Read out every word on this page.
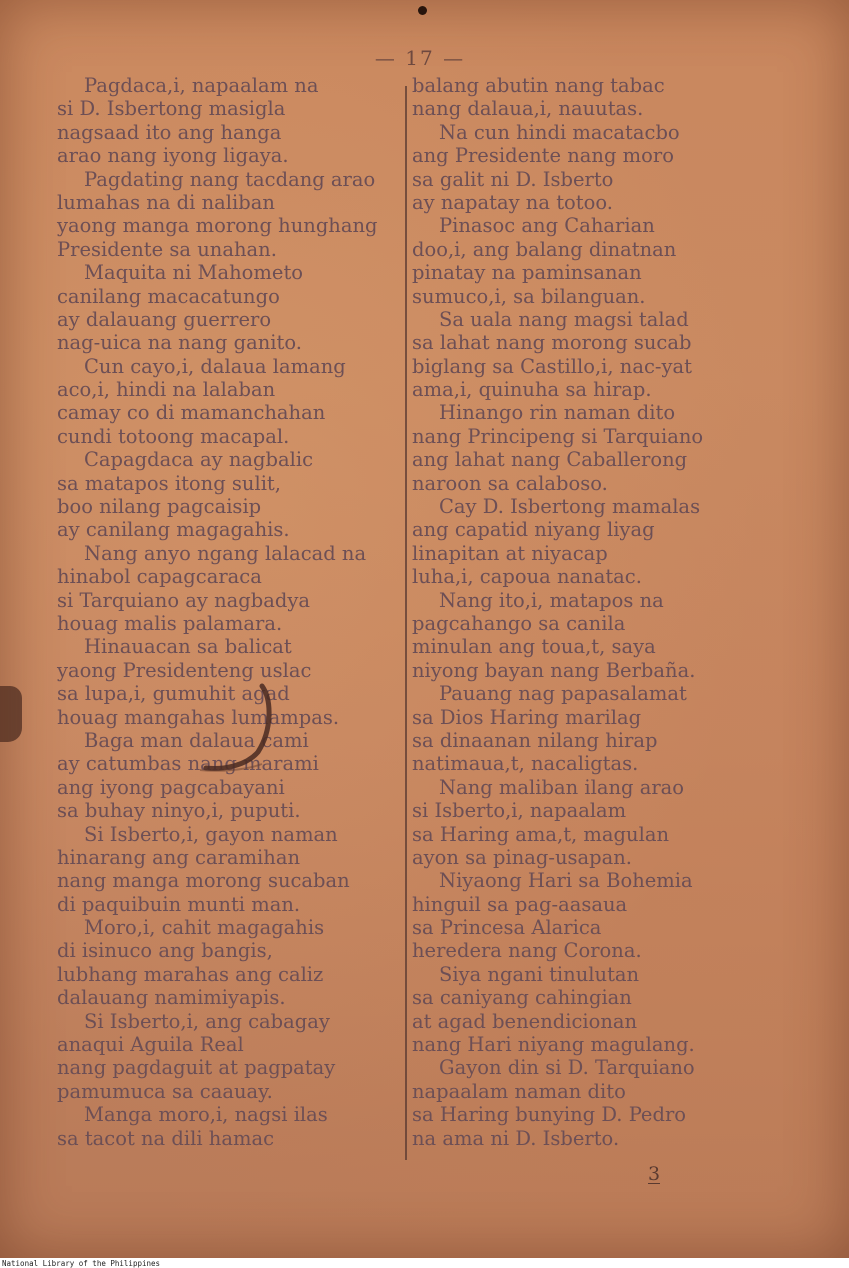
— 17 —
Pagdaca,i, napaalam na
si D. Isbertong masigla
nagsaad ito ang hanga
arao nang iyong ligaya.
Pagdating nang tacdang arao
lumahas na di naliban
yaong manga morong hunghang
Presidente sa unahan.
Maquita ni Mahometo
canilang macacatungo
ay dalauang guerrero
nag-uica na nang ganito.
Cun cayo,i, dalaua lamang
aco,i, hindi na lalaban
camay co di mamanchahan
cundi totoong macapal.
Capagdaca ay nagbalic
sa matapos itong sulit,
boo nilang pagcaisip
ay canilang magagahis.
Nang anyo ngang lalacad na
hinabol capagcaraca
si Tarquiano ay nagbadya
houag malis palamara.
Hinauacan sa balicat
yaong Presidenteng uslac
sa lupa,i, gumuhit agad
houag mangahas lumampas.
Baga man dalaua cami
ay catumbas nang marami
ang iyong pagcabayani
sa buhay ninyo,i, puputi.
Si Isberto,i, gayon naman
hinarang ang caramihan
nang manga morong sucaban
di paquibuin munti man.
Moro,i, cahit magagahis
di isinuco ang bangis,
lubhang marahas ang caliz
dalauang namimiyapis.
Si Isberto,i, ang cabagay
anaqui Aguila Real
nang pagdaguit at pagpatay
pamumuca sa caauay.
Manga moro,i, nagsi ilas
sa tacot na dili hamac
balang abutin nang tabac
nang dalaua,i, nauutas.
Na cun hindi macatacbo
ang Presidente nang moro
sa galit ni D. Isberto
ay napatay na totoo.
Pinasoc ang Caharian
doo,i, ang balang dinatnan
pinatay na paminsanan
sumuco,i, sa bilanguan.
Sa uala nang magsi talad
sa lahat nang morong sucab
biglang sa Castillo,i, nac-yat
ama,i, quinuha sa hirap.
Hinango rin naman dito
nang Principeng si Tarquiano
ang lahat nang Caballerong
naroon sa calaboso.
Cay D. Isbertong mamalas
ang capatid niyang liyag
linapitan at niyacap
luha,i, capoua nanatac.
Nang ito,i, matapos na
pagcahango sa canila
minulan ang toua,t, saya
niyong bayan nang Berbaña.
Pauang nag papasalamat
sa Dios Haring marilag
sa dinaanan nilang hirap
natimaua,t, nacaligtas.
Nang maliban ilang arao
si Isberto,i, napaalam
sa Haring ama,t, magulan
ayon sa pinag-usapan.
Niyaong Hari sa Bohemia
hinguil sa pag-aasaua
sa Princesa Alarica
heredera nang Corona.
Siya ngani tinulutan
sa caniyang cahingian
at agad benendicionan
nang Hari niyang magulang.
Gayon din si D. Tarquiano
napaalam naman dito
sa Haring bunying D. Pedro
na ama ni D. Isberto.
3
National Library of the Philippines
